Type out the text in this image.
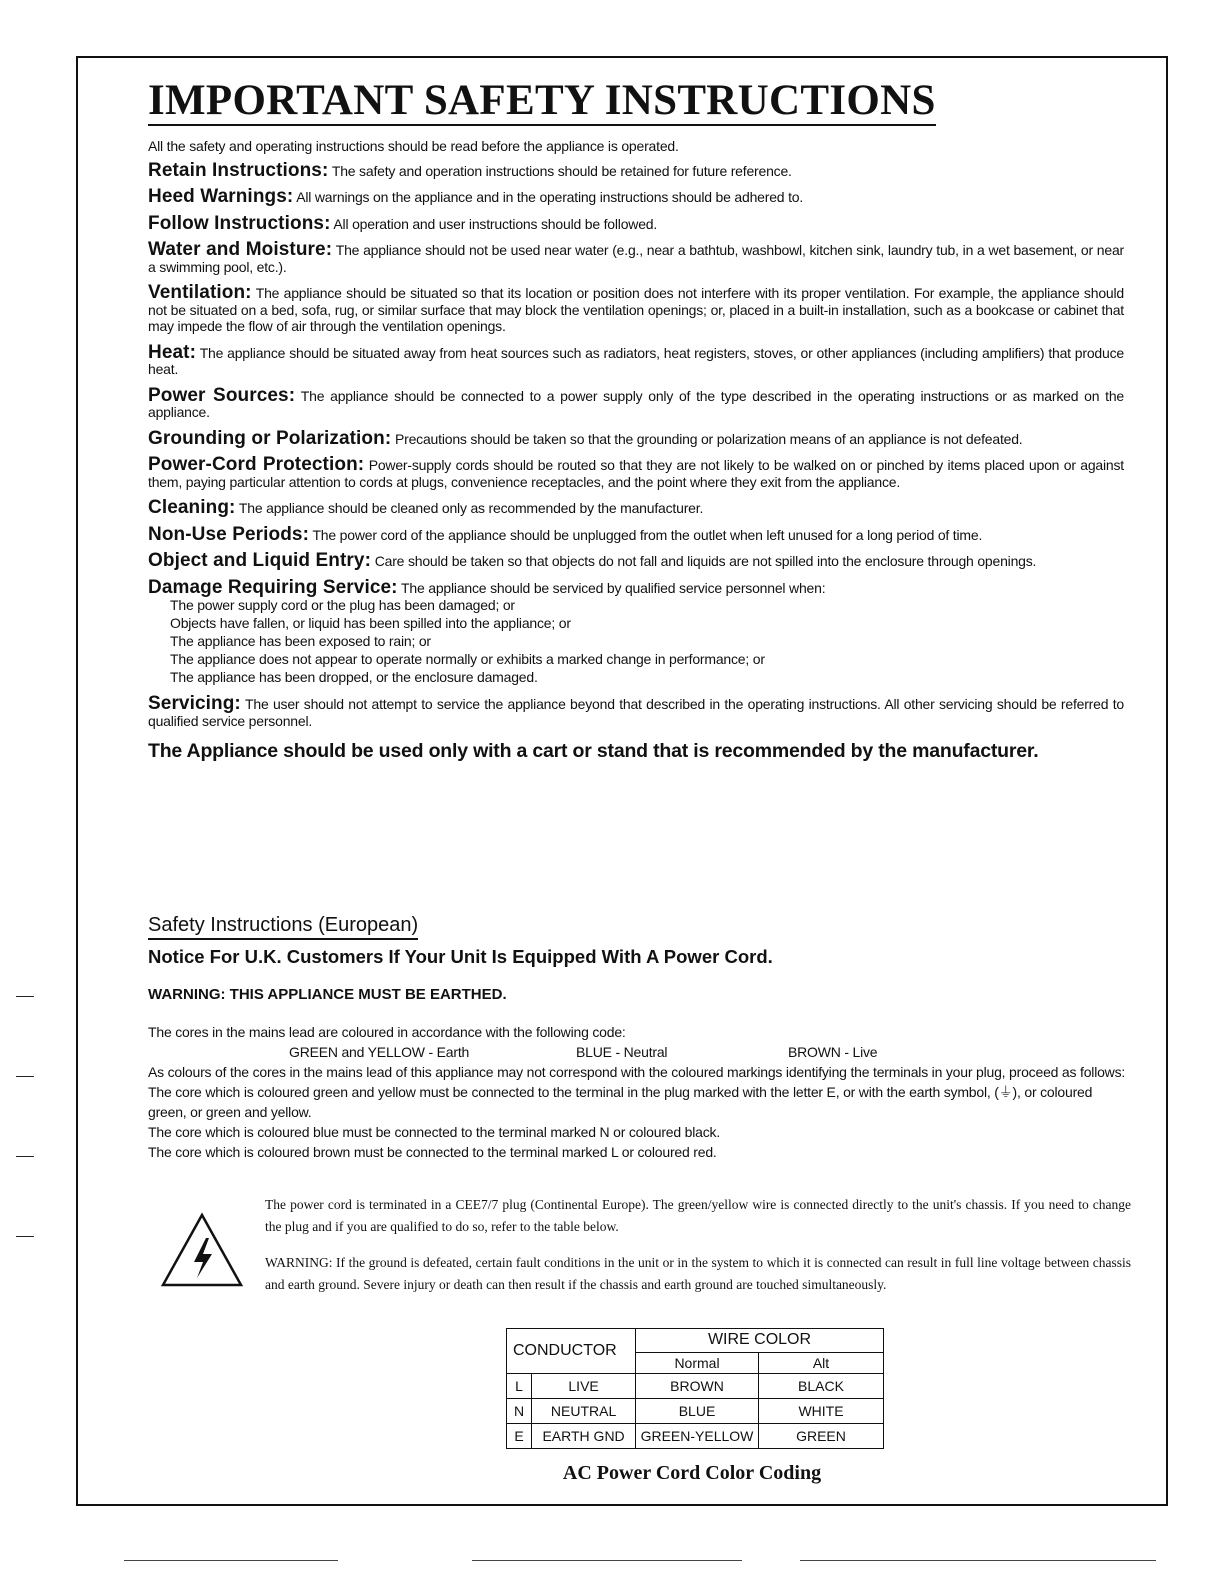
IMPORTANT SAFETY INSTRUCTIONS

All the safety and operating instructions should be read before the appliance is operated.

Retain Instructions: The safety and operation instructions should be retained for future reference.

Heed Warnings: All warnings on the appliance and in the operating instructions should be adhered to.

Follow Instructions: All operation and user instructions should be followed.

Water and Moisture: The appliance should not be used near water (e.g., near a bathtub, washbowl, kitchen sink, laundry tub, in a wet basement, or near a swimming pool, etc.).

Ventilation: The appliance should be situated so that its location or position does not interfere with its proper ventilation. For example, the appliance should not be situated on a bed, sofa, rug, or similar surface that may block the ventilation openings; or, placed in a built-in installation, such as a bookcase or cabinet that may impede the flow of air through the ventilation openings.

Heat: The appliance should be situated away from heat sources such as radiators, heat registers, stoves, or other appliances (including amplifiers) that produce heat.

Power Sources: The appliance should be connected to a power supply only of the type described in the operating instructions or as marked on the appliance.

Grounding or Polarization: Precautions should be taken so that the grounding or polarization means of an appliance is not defeated.

Power-Cord Protection: Power-supply cords should be routed so that they are not likely to be walked on or pinched by items placed upon or against them, paying particular attention to cords at plugs, convenience receptacles, and the point where they exit from the appliance.

Cleaning: The appliance should be cleaned only as recommended by the manufacturer.

Non-Use Periods: The power cord of the appliance should be unplugged from the outlet when left unused for a long period of time.

Object and Liquid Entry: Care should be taken so that objects do not fall and liquids are not spilled into the enclosure through openings.

Damage Requiring Service: The appliance should be serviced by qualified service personnel when:

The power supply cord or the plug has been damaged; or
Objects have fallen, or liquid has been spilled into the appliance; or
The appliance has been exposed to rain; or
The appliance does not appear to operate normally or exhibits a marked change in performance; or
The appliance has been dropped, or the enclosure damaged.

Servicing: The user should not attempt to service the appliance beyond that described in the operating instructions. All other servicing should be referred to qualified service personnel.

The Appliance should be used only with a cart or stand that is recommended by the manufacturer.

Safety Instructions (European)

Notice For U.K. Customers If Your Unit Is Equipped With A Power Cord.

WARNING: THIS APPLIANCE MUST BE EARTHED.

The cores in the mains lead are coloured in accordance with the following code:

GREEN and YELLOW - Earth	BLUE - Neutral	BROWN - Live

As colours of the cores in the mains lead of this appliance may not correspond with the coloured markings identifying the terminals in your plug, proceed as follows:

The core which is coloured green and yellow must be connected to the terminal in the plug marked with the letter E, or with the earth symbol, (⏚), or coloured green, or green and yellow.

The core which is coloured blue must be connected to the terminal marked N or coloured black.

The core which is coloured brown must be connected to the terminal marked L or coloured red.

The power cord is terminated in a CEE7/7 plug (Continental Europe). The green/yellow wire is connected directly to the unit's chassis. If you need to change the plug and if you are qualified to do so, refer to the table below.

WARNING: If the ground is defeated, certain fault conditions in the unit or in the system to which it is connected can result in full line voltage between chassis and earth ground. Severe injury or death can then result if the chassis and earth ground are touched simultaneously.

CONDUCTOR		WIRE COLOR	
		Normal	Alt
L	LIVE	BROWN	BLACK
N	NEUTRAL	BLUE	WHITE
E	EARTH GND	GREEN-YELLOW	GREEN

AC Power Cord Color Coding
